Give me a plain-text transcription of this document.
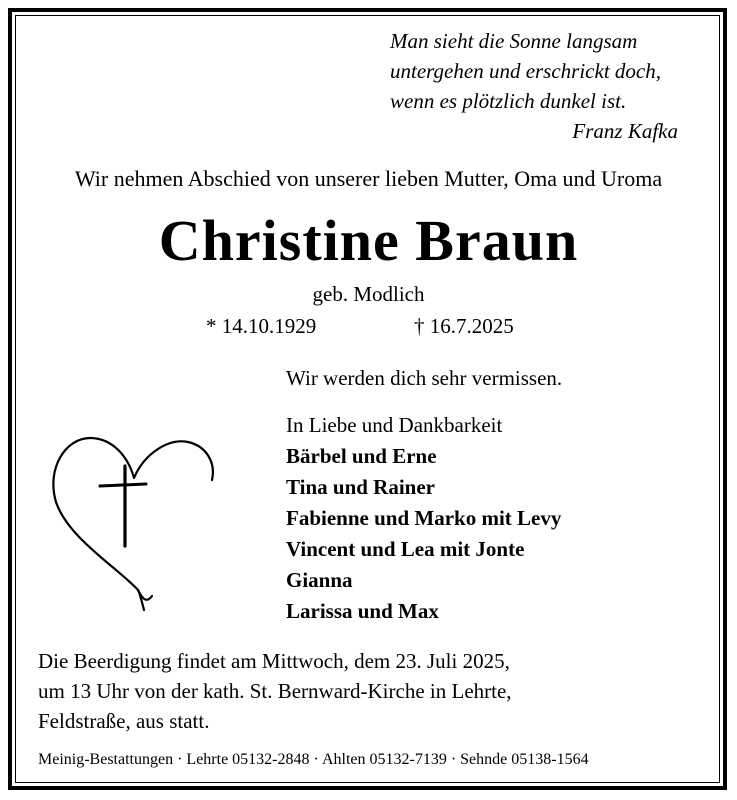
Man sieht die Sonne langsam
untergehen und erschrickt doch,
wenn es plötzlich dunkel ist.
Franz Kafka
Wir nehmen Abschied von unserer lieben Mutter, Oma und Uroma
Christine Braun
geb. Modlich
* 14.10.1929	† 16.7.2025
Wir werden dich sehr vermissen.
In Liebe und Dankbarkeit
Bärbel und Erne
Tina und Rainer
Fabienne und Marko mit Levy
Vincent und Lea mit Jonte
Gianna
Larissa und Max
Die Beerdigung findet am Mittwoch, dem 23. Juli 2025,
um 13 Uhr von der kath. St. Bernward-Kirche in Lehrte,
Feldstraße, aus statt.
Meinig-Bestattungen · Lehrte 05132-2848 · Ahlten 05132-7139 · Sehnde 05138-1564
